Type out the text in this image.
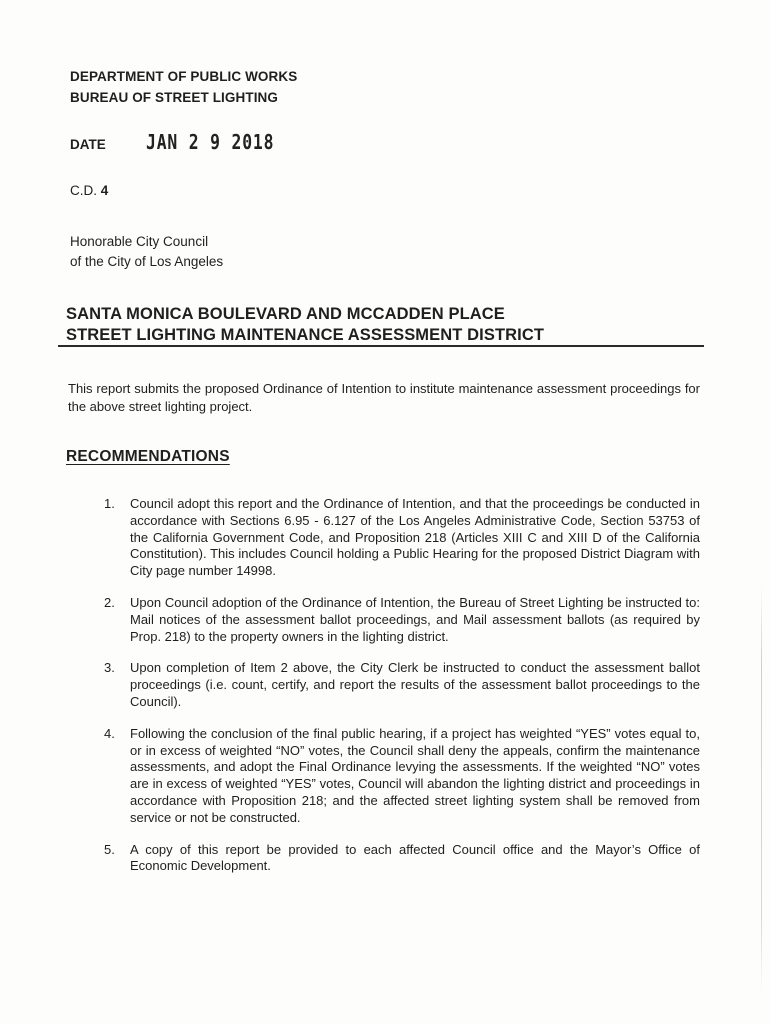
DEPARTMENT OF PUBLIC WORKS
BUREAU OF STREET LIGHTING
DATE	JAN 2 9 2018
C.D. 4
Honorable City Council
of the City of Los Angeles
SANTA MONICA BOULEVARD AND MCCADDEN PLACE
STREET LIGHTING MAINTENANCE ASSESSMENT DISTRICT
This report submits the proposed Ordinance of Intention to institute maintenance assessment proceedings for the above street lighting project.
RECOMMENDATIONS
1.	Council adopt this report and the Ordinance of Intention, and that the proceedings be conducted in accordance with Sections 6.95 - 6.127 of the Los Angeles Administrative Code, Section 53753 of the California Government Code, and Proposition 218 (Articles XIII C and XIII D of the California Constitution). This includes Council holding a Public Hearing for the proposed District Diagram with City page number 14998.
2.	Upon Council adoption of the Ordinance of Intention, the Bureau of Street Lighting be instructed to: Mail notices of the assessment ballot proceedings, and Mail assessment ballots (as required by Prop. 218) to the property owners in the lighting district.
3.	Upon completion of Item 2 above, the City Clerk be instructed to conduct the assessment ballot proceedings (i.e. count, certify, and report the results of the assessment ballot proceedings to the Council).
4.	Following the conclusion of the final public hearing, if a project has weighted “YES” votes equal to, or in excess of weighted “NO” votes, the Council shall deny the appeals, confirm the maintenance assessments, and adopt the Final Ordinance levying the assessments. If the weighted “NO” votes are in excess of weighted “YES” votes, Council will abandon the lighting district and proceedings in accordance with Proposition 218; and the affected street lighting system shall be removed from service or not be constructed.
5.	A copy of this report be provided to each affected Council office and the Mayor’s Office of Economic Development.
